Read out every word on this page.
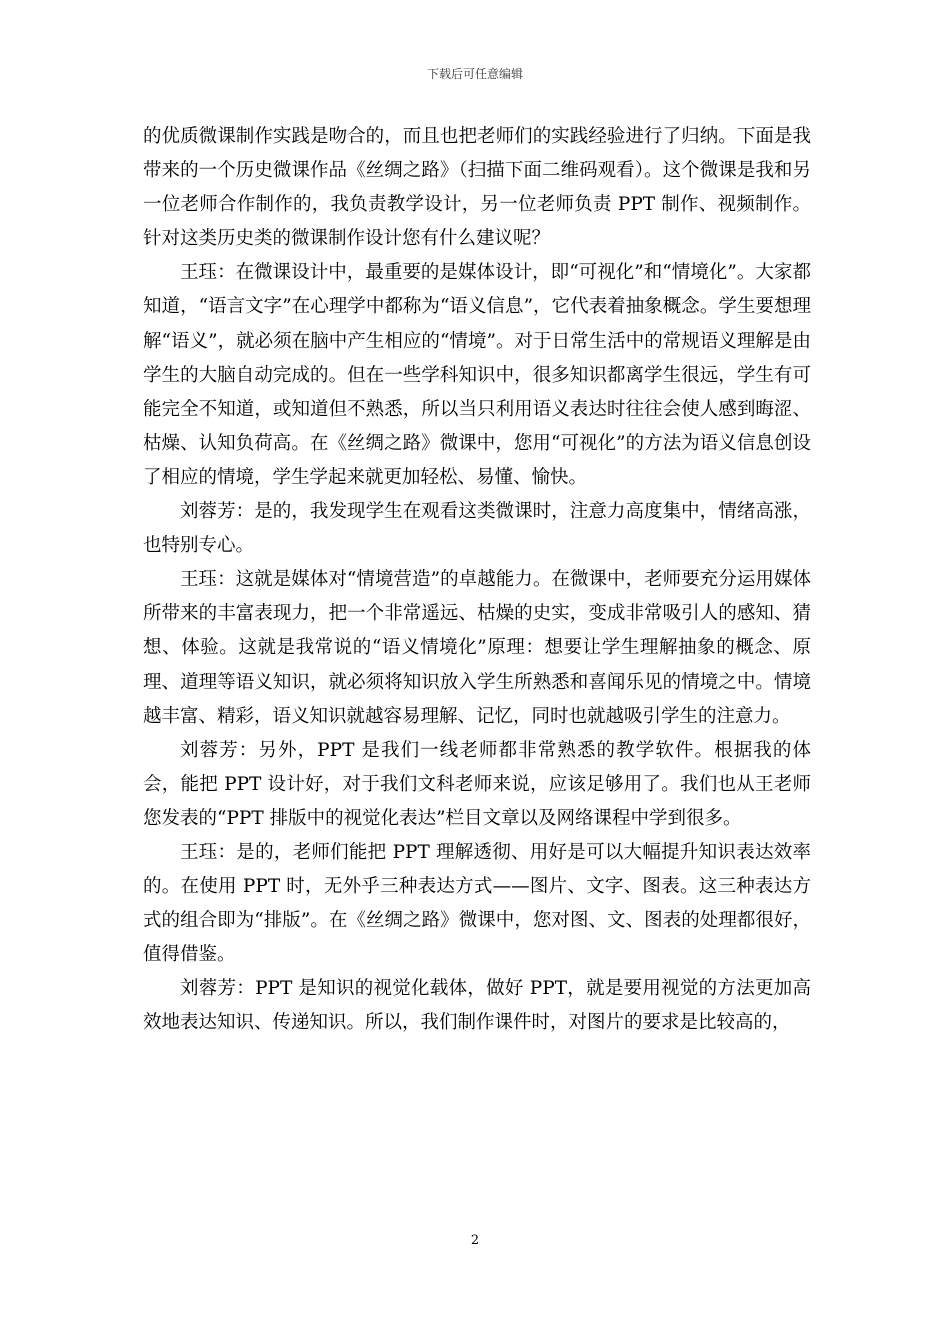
下载后可任意编辑

的优质微课制作实践是吻合的，而且也把老师们的实践经验进行了归纳。下面是我带来的一个历史微课作品《丝绸之路》（扫描下面二维码观看）。这个微课是我和另一位老师合作制作的，我负责教学设计，另一位老师负责 PPT 制作、视频制作。针对这类历史类的微课制作设计您有什么建议呢？

王珏：在微课设计中，最重要的是媒体设计，即“可视化”和“情境化”。大家都知道，“语言文字”在心理学中都称为“语义信息”，它代表着抽象概念。学生要想理解“语义”，就必须在脑中产生相应的“情境”。对于日常生活中的常规语义理解是由学生的大脑自动完成的。但在一些学科知识中，很多知识都离学生很远，学生有可能完全不知道，或知道但不熟悉，所以当只利用语义表达时往往会使人感到晦涩、枯燥、认知负荷高。在《丝绸之路》微课中，您用“可视化”的方法为语义信息创设了相应的情境，学生学起来就更加轻松、易懂、愉快。

刘蓉芳：是的，我发现学生在观看这类微课时，注意力高度集中，情绪高涨，也特别专心。

王珏：这就是媒体对“情境营造”的卓越能力。在微课中，老师要充分运用媒体所带来的丰富表现力，把一个非常遥远、枯燥的史实，变成非常吸引人的感知、猜想、体验。这就是我常说的“语义情境化”原理：想要让学生理解抽象的概念、原理、道理等语义知识，就必须将知识放入学生所熟悉和喜闻乐见的情境之中。情境越丰富、精彩，语义知识就越容易理解、记忆，同时也就越吸引学生的注意力。

刘蓉芳：另外，PPT 是我们一线老师都非常熟悉的教学软件。根据我的体会，能把 PPT 设计好，对于我们文科老师来说，应该足够用了。我们也从王老师您发表的“PPT 排版中的视觉化表达”栏目文章以及网络课程中学到很多。

王珏：是的，老师们能把 PPT 理解透彻、用好是可以大幅提升知识表达效率的。在使用 PPT 时，无外乎三种表达方式——图片、文字、图表。这三种表达方式的组合即为“排版”。在《丝绸之路》微课中，您对图、文、图表的处理都很好，值得借鉴。

刘蓉芳：PPT 是知识的视觉化载体，做好 PPT，就是要用视觉的方法更加高效地表达知识、传递知识。所以，我们制作课件时，对图片的要求是比较高的，

2
